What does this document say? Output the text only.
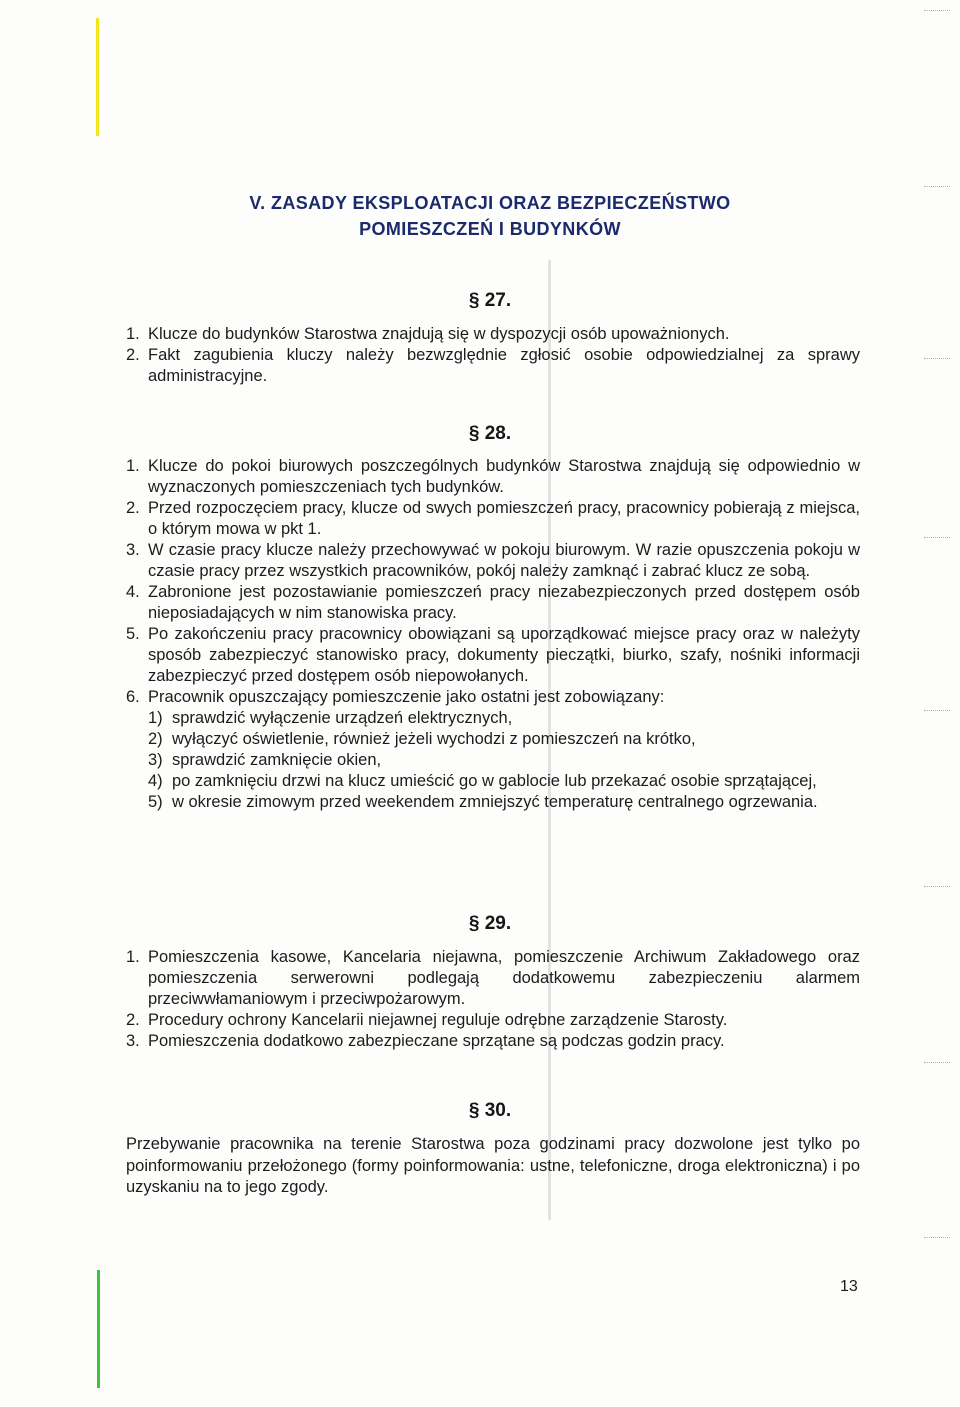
V. ZASADY EKSPLOATACJI ORAZ BEZPIECZEŃSTWO
POMIESZCZEŃ I BUDYNKÓW
§ 27.
1. Klucze do budynków Starostwa znajdują się w dyspozycji osób upoważnionych.
2. Fakt zagubienia kluczy należy bezwzględnie zgłosić osobie odpowiedzialnej za sprawy administracyjne.
§ 28.
1. Klucze do pokoi biurowych poszczególnych budynków Starostwa znajdują się odpowiednio w wyznaczonych pomieszczeniach tych budynków.
2. Przed rozpoczęciem pracy, klucze od swych pomieszczeń pracy, pracownicy pobierają z miejsca, o którym mowa w pkt 1.
3. W czasie pracy klucze należy przechowywać w pokoju biurowym. W razie opuszczenia pokoju w czasie pracy przez wszystkich pracowników, pokój należy zamknąć i zabrać klucz ze sobą.
4. Zabronione jest pozostawianie pomieszczeń pracy niezabezpieczonych przed dostępem osób nieposiadających w nim stanowiska pracy.
5. Po zakończeniu pracy pracownicy obowiązani są uporządkować miejsce pracy oraz w należyty sposób zabezpieczyć stanowisko pracy, dokumenty pieczątki, biurko, szafy, nośniki informacji zabezpieczyć przed dostępem osób niepowołanych.
6. Pracownik opuszczający pomieszczenie jako ostatni jest zobowiązany:
1) sprawdzić wyłączenie urządzeń elektrycznych,
2) wyłączyć oświetlenie, również jeżeli wychodzi z pomieszczeń na krótko,
3) sprawdzić zamknięcie okien,
4) po zamknięciu drzwi na klucz umieścić go w gablocie lub przekazać osobie sprzątającej,
5) w okresie zimowym przed weekendem zmniejszyć temperaturę centralnego ogrzewania.
§ 29.
1. Pomieszczenia kasowe, Kancelaria niejawna, pomieszczenie Archiwum Zakładowego oraz pomieszczenia serwerowni podlegają dodatkowemu zabezpieczeniu alarmem przeciwwłamaniowym i przeciwpożarowym.
2. Procedury ochrony Kancelarii niejawnej reguluje odrębne zarządzenie Starosty.
3. Pomieszczenia dodatkowo zabezpieczane sprzątane są podczas godzin pracy.
§ 30.

Przebywanie pracownika na terenie Starostwa poza godzinami pracy dozwolone jest tylko po poinformowaniu przełożonego (formy poinformowania: ustne, telefoniczne, droga elektroniczna) i po uzyskaniu na to jego zgody.

13
